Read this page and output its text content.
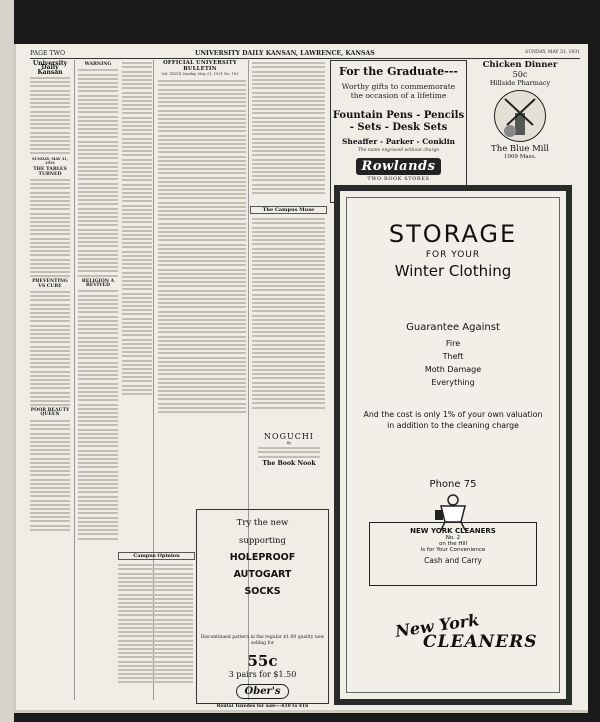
PAGE TWO	UNIVERSITY DAILY KANSAN, LAWRENCE, KANSAS	SUNDAY, MAY 31, 1931
University Daily Kansan
SUNDAY, MAY 31, 1931
THE TABLES TURNED
PREVENTING VS CURE
POOR BEAUTY QUEEN
WARNING
RELIGION A REVIVED
Campus Opinion
OFFICIAL UNIVERSITY BULLETIN
Vol. XXVIII Sunday, May 31, 1931 No. 183
The Campus Muse
NOGUCHI
By
The Book Nook
For the Graduate---
Worthy gifts to commemorate the occasion of a lifetime
Fountain Pens - Pencils - Sets - Desk Sets
Sheaffer - Parker - Conklin
The name engraved without charge
Rowlands
TWO BOOK STORES
Chicken Dinner
50c
Hillside Pharmacy
The Blue Mill
1009 Mass.
STORAGE
FOR YOUR
Winter Clothing
Guarantee Against
Fire
Theft
Moth Damage
Everything
And the cost is only 1% of your own valuation in addition to the cleaning charge
Phone 75
NEW YORK CLEANERS
No. 2
on the Hill
Is for Your Convenience
Cash and Carry
New York
CLEANERS
Try the new
supporting
HOLEPROOF
AUTOGART
SOCKS
Discontinued pattern in the regular $1.00 quality now selling for
55c
3 pairs for $1.50
Ober's
Rental Tuxedos for sale---$10 to $16
